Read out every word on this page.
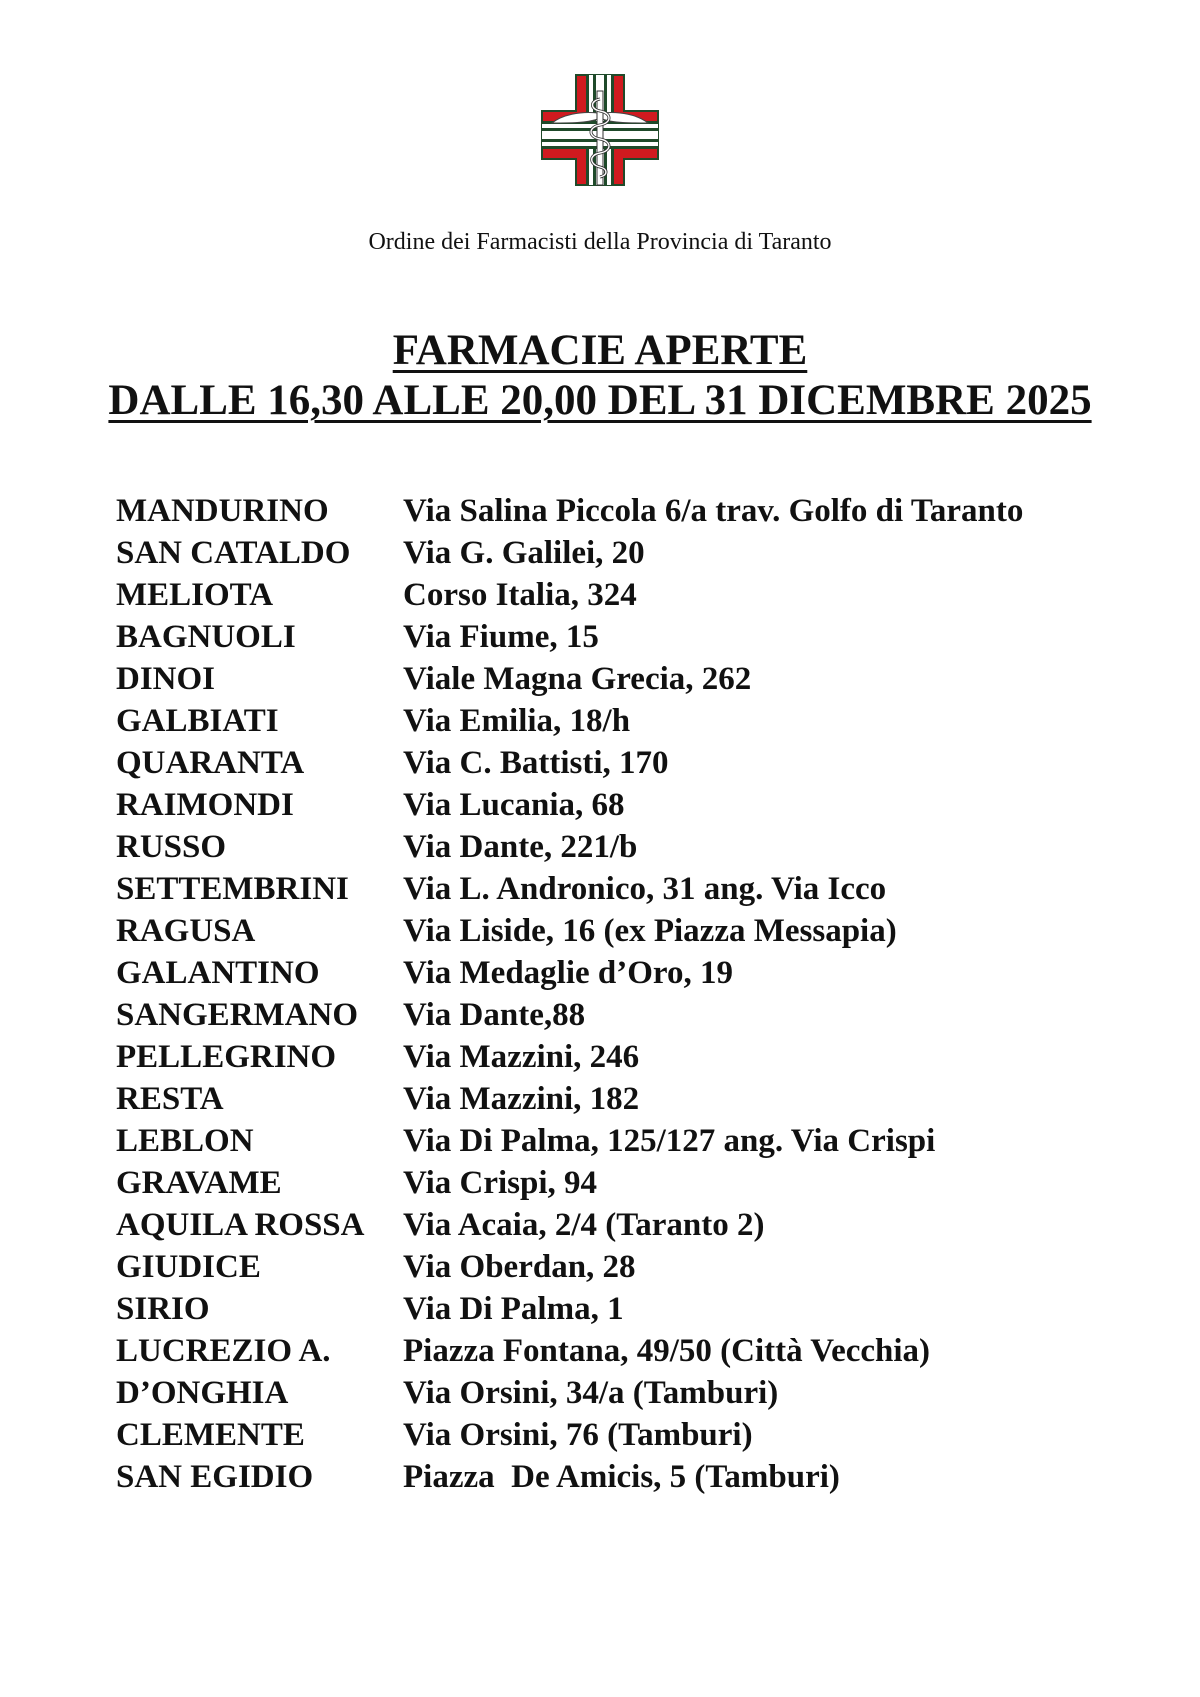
Ordine dei Farmacisti della Provincia di Taranto
FARMACIE APERTE
DALLE 16,30 ALLE 20,00 DEL 31 DICEMBRE 2025
MANDURINO	Via Salina Piccola 6/a trav. Golfo di Taranto
SAN CATALDO	Via G. Galilei, 20
MELIOTA	Corso Italia, 324
BAGNUOLI	Via Fiume, 15
DINOI	Viale Magna Grecia, 262
GALBIATI	Via Emilia, 18/h
QUARANTA	Via C. Battisti, 170
RAIMONDI	Via Lucania, 68
RUSSO	Via Dante, 221/b
SETTEMBRINI	Via L. Andronico, 31 ang. Via Icco
RAGUSA	Via Liside, 16 (ex Piazza Messapia)
GALANTINO	Via Medaglie d’Oro, 19
SANGERMANO	Via Dante,88
PELLEGRINO	Via Mazzini, 246
RESTA	Via Mazzini, 182
LEBLON	Via Di Palma, 125/127 ang. Via Crispi
GRAVAME	Via Crispi, 94
AQUILA ROSSA	Via Acaia, 2/4 (Taranto 2)
GIUDICE	Via Oberdan, 28
SIRIO	Via Di Palma, 1
LUCREZIO A.	Piazza Fontana, 49/50 (Città Vecchia)
D’ONGHIA	Via Orsini, 34/a (Tamburi)
CLEMENTE	Via Orsini, 76 (Tamburi)
SAN EGIDIO	Piazza  De Amicis, 5 (Tamburi)
